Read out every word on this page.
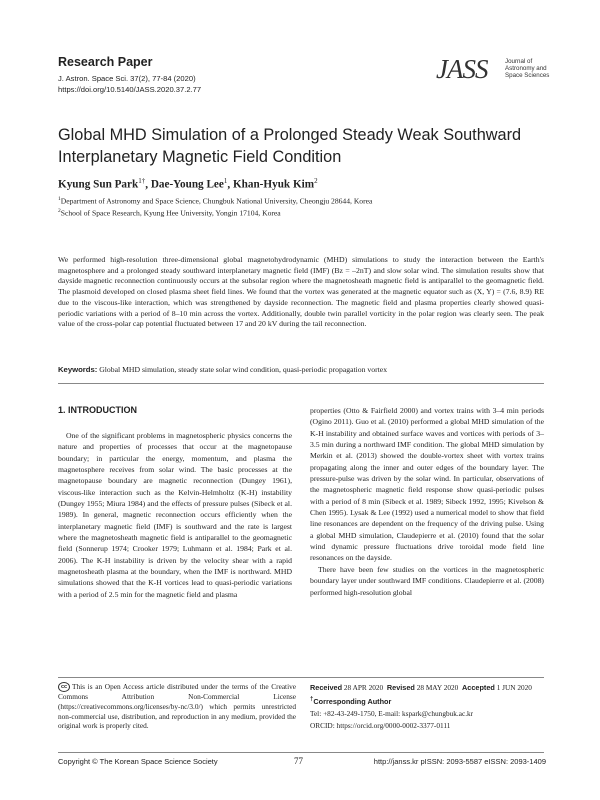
Research Paper
J. Astron. Space Sci. 37(2), 77-84 (2020)
https://doi.org/10.5140/JASS.2020.37.2.77
JASS	Journal of
Astronomy and
Space Sciences
Global MHD Simulation of a Prolonged Steady Weak Southward Interplanetary Magnetic Field Condition
Kyung Sun Park$^{1\dagger}$, Dae-Young Lee$^1$, Khan-Hyuk Kim$^2$
$^1$Department of Astronomy and Space Science, Chungbuk National University, Cheongju 28644, Korea
$^2$School of Space Research, Kyung Hee University, Yongin 17104, Korea
We performed high-resolution three-dimensional global magnetohydrodynamic (MHD) simulations to study the interaction between the Earth's magnetosphere and a prolonged steady southward interplanetary magnetic field (IMF) (Bz = –2nT) and slow solar wind. The simulation results show that dayside magnetic reconnection continuously occurs at the subsolar region where the magnetosheath magnetic field is antiparallel to the geomagnetic field. The plasmoid developed on closed plasma sheet field lines. We found that the vortex was generated at the magnetic equator such as (X, Y) = (7.6, 8.9) RE due to the viscous-like interaction, which was strengthened by dayside reconnection. The magnetic field and plasma properties clearly showed quasi-periodic variations with a period of 8–10 min across the vortex. Additionally, double twin parallel vorticity in the polar region was clearly seen. The peak value of the cross-polar cap potential fluctuated between 17 and 20 kV during the tail reconnection.
Keywords: Global MHD simulation, steady state solar wind condition, quasi-periodic propagation vortex
1. INTRODUCTION

One of the significant problems in magnetospheric physics concerns the nature and properties of processes that occur at the magnetopause boundary; in particular the energy, momentum, and plasma the magnetosphere receives from solar wind. The basic processes at the magnetopause boundary are magnetic reconnection (Dungey 1961), viscous-like interaction such as the Kelvin-Helmholtz (K-H) instability (Dungey 1955; Miura 1984) and the effects of pressure pulses (Sibeck et al. 1989). In general, magnetic reconnection occurs efficiently when the interplanetary magnetic field (IMF) is southward and the rate is largest where the magnetosheath magnetic field is antiparallel to the geomagnetic field (Sonnerup 1974; Crooker 1979; Luhmann et al. 1984; Park et al. 2006). The K-H instability is driven by the velocity shear with a rapid magnetosheath plasma at the boundary, when the IMF is northward. MHD simulations showed that the K-H vortices lead to quasi-periodic variations with a period of 2.5 min for the magnetic field and plasma

properties (Otto & Fairfield 2000) and vortex trains with 3–4 min periods (Ogino 2011). Guo et al. (2010) performed a global MHD simulation of the K-H instability and obtained surface waves and vortices with periods of 3–3.5 min during a northward IMF condition. The global MHD simulation by Merkin et al. (2013) showed the double-vortex sheet with vortex trains propagating along the inner and outer edges of the boundary layer. The pressure-pulse was driven by the solar wind. In particular, observations of the magnetospheric magnetic field response show quasi-periodic pulses with a period of 8 min (Sibeck et al. 1989; Sibeck 1992, 1995; Kivelson & Chen 1995). Lysak & Lee (1992) used a numerical model to show that field line resonances are dependent on the frequency of the driving pulse. Using a global MHD simulation, Claudepierre et al. (2010) found that the solar wind dynamic pressure fluctuations drive toroidal mode field line resonances on the dayside.

There have been few studies on the vortices in the magnetospheric boundary layer under southward IMF conditions. Claudepierre et al. (2008) performed high-resolution global

cc This is an Open Access article distributed under the terms of the Creative Commons Attribution Non-Commercial License (https://creativecommons.org/licenses/by-nc/3.0/) which permits unrestricted non-commercial use, distribution, and reproduction in any medium, provided the original work is properly cited.
Received 28 APR 2020 Revised 28 MAY 2020 Accepted 1 JUN 2020
†Corresponding Author
Tel: +82-43-249-1750, E-mail: kspark@chungbuk.ac.kr
ORCID: https://orcid.org/0000-0002-3377-0111
Copyright © The Korean Space Science Society	77	http://janss.kr pISSN: 2093-5587 eISSN: 2093-1409
